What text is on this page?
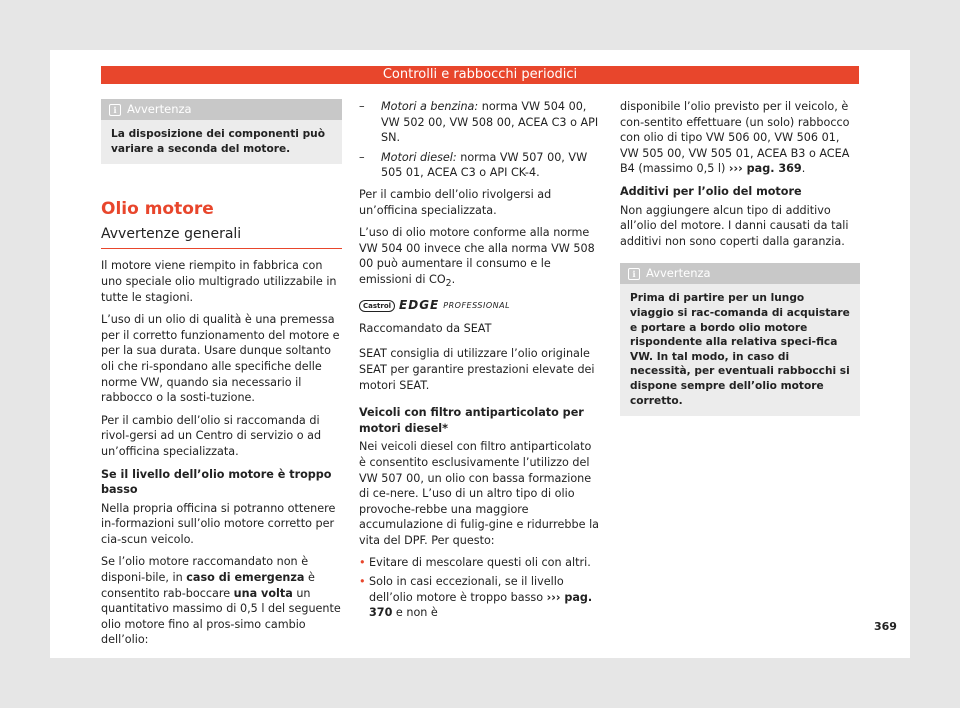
Controlli e rabbocchi periodici
i Avvertenza
La disposizione dei componenti può variare a seconda del motore.
Olio motore
Avvertenze generali

Il motore viene riempito in fabbrica con uno speciale olio multigrado utilizzabile in tutte le stagioni.

L’uso di un olio di qualità è una premessa per il corretto funzionamento del motore e per la sua durata. Usare dunque soltanto oli che ri-spondano alle specifiche delle norme VW, quando sia necessario il rabbocco o la sosti-tuzione.

Per il cambio dell’olio si raccomanda di rivol-gersi ad un Centro di servizio o ad un’officina specializzata.

Se il livello dell’olio motore è troppo basso

Nella propria officina si potranno ottenere in-formazioni sull’olio motore corretto per cia-scun veicolo.

Se l’olio motore raccomandato non è disponi-bile, in caso di emergenza è consentito rab-boccare una volta un quantitativo massimo di 0,5 l del seguente olio motore fino al pros-simo cambio dell’olio:

–	Motori a benzina: norma VW 504 00, VW 502 00, VW 508 00, ACEA C3 o API SN.
–	Motori diesel: norma VW 507 00, VW 505 01, ACEA C3 o API CK-4.

Per il cambio dell’olio rivolgersi ad un’officina specializzata.

L’uso di olio motore conforme alla norme VW 504 00 invece che alla norma VW 508 00 può aumentare il consumo e le emissioni di $CO_2$.

Castrol EDGE PROFESSIONAL

Raccomandato da SEAT

SEAT consiglia di utilizzare l’olio originale SEAT per garantire prestazioni elevate dei motori SEAT.

Veicoli con filtro antiparticolato per motori diesel*

Nei veicoli diesel con filtro antiparticolato è consentito esclusivamente l’utilizzo del VW 507 00, un olio con bassa formazione di ce-nere. L’uso di un altro tipo di olio provoche-rebbe una maggiore accumulazione di fulig-gine e ridurrebbe la vita del DPF. Per questo:

• Evitare di mescolare questi oli con altri.
• Solo in casi eccezionali, se il livello dell’olio motore è troppo basso ››› pag. 370 e non è

disponibile l’olio previsto per il veicolo, è con-sentito effettuare (un solo) rabbocco con olio di tipo VW 506 00, VW 506 01, VW 505 00, VW 505 01, ACEA B3 o ACEA B4 (massimo 0,5 l) ››› pag. 369.

Additivi per l’olio del motore

Non aggiungere alcun tipo di additivo all’olio del motore. I danni causati da tali additivi non sono coperti dalla garanzia.

i Avvertenza
Prima di partire per un lungo viaggio si rac-comanda di acquistare e portare a bordo olio motore rispondente alla relativa speci-fica VW. In tal modo, in caso di necessità, per eventuali rabbocchi si dispone sempre dell’olio motore corretto.
369
